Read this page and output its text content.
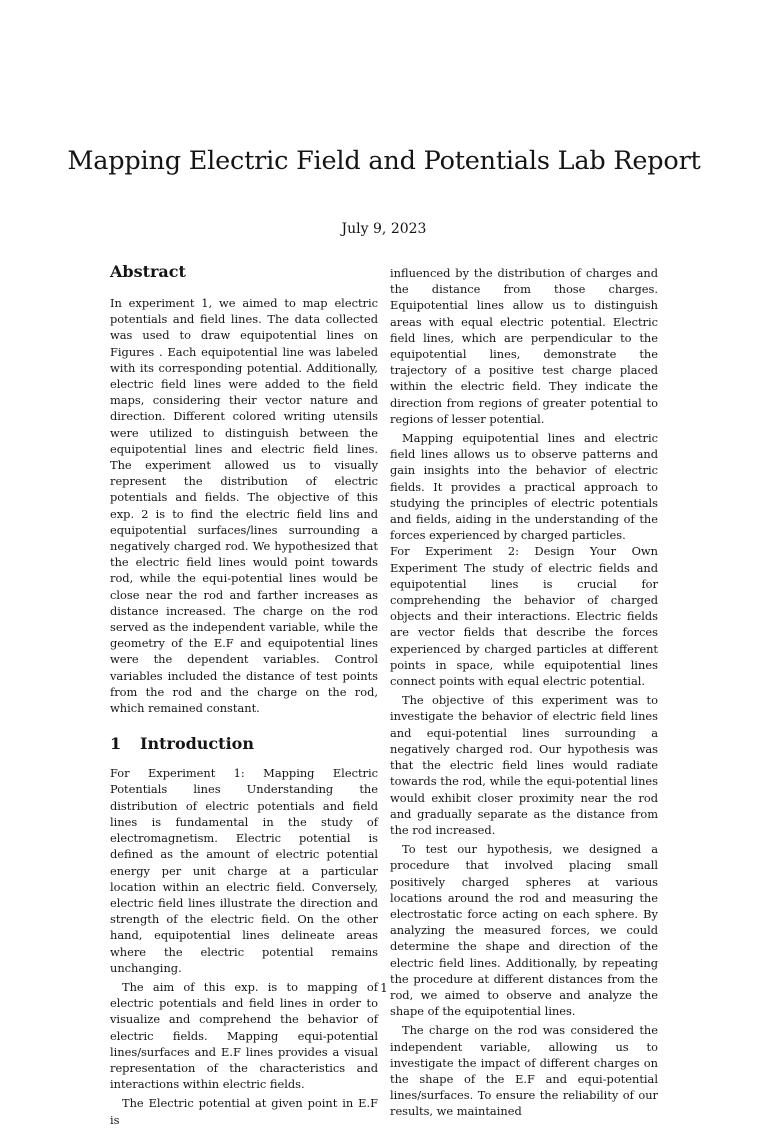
Mapping Electric Field and Potentials Lab Report
July 9, 2023
Abstract

In experiment 1, we aimed to map electric potentials and field lines. The data collected was used to draw equipotential lines on Figures . Each equipotential line was labeled with its corresponding potential. Additionally, electric field lines were added to the field maps, considering their vector nature and direction. Different colored writing utensils were utilized to distinguish between the equipotential lines and electric field lines. The experiment allowed us to visually represent the distribution of electric potentials and fields. The objective of this exp. 2 is to find the electric field lins and equipotential surfaces/lines surrounding a negatively charged rod. We hypothesized that the electric field lines would point towards rod, while the equi-potential lines would be close near the rod and farther increases as distance increased. The charge on the rod served as the independent variable, while the geometry of the E.F and equipotential lines were the dependent variables. Control variables included the distance of test points from the rod and the charge on the rod, which remained constant.

1 Introduction

For Experiment 1: Mapping Electric Potentials lines Understanding the distribution of electric potentials and field lines is fundamental in the study of electromagnetism. Electric potential is defined as the amount of electric potential energy per unit charge at a particular location within an electric field. Conversely, electric field lines illustrate the direction and strength of the electric field. On the other hand, equipotential lines delineate areas where the electric potential remains unchanging.

The aim of this exp. is to mapping of electric potentials and field lines in order to visualize and comprehend the behavior of electric fields. Mapping equi-potential lines/surfaces and E.F lines provides a visual representation of the characteristics and interactions within electric fields.

The Electric potential at given point in E.F is

influenced by the distribution of charges and the distance from those charges. Equipotential lines allow us to distinguish areas with equal electric potential. Electric field lines, which are perpendicular to the equipotential lines, demonstrate the trajectory of a positive test charge placed within the electric field. They indicate the direction from regions of greater potential to regions of lesser potential.

Mapping equipotential lines and electric field lines allows us to observe patterns and gain insights into the behavior of electric fields. It provides a practical approach to studying the principles of electric potentials and fields, aiding in the understanding of the forces experienced by charged particles.

For Experiment 2: Design Your Own Experiment The study of electric fields and equipotential lines is crucial for comprehending the behavior of charged objects and their interactions. Electric fields are vector fields that describe the forces experienced by charged particles at different points in space, while equipotential lines connect points with equal electric potential.

The objective of this experiment was to investigate the behavior of electric field lines and equi-potential lines surrounding a negatively charged rod. Our hypothesis was that the electric field lines would radiate towards the rod, while the equi-potential lines would exhibit closer proximity near the rod and gradually separate as the distance from the rod increased.

To test our hypothesis, we designed a procedure that involved placing small positively charged spheres at various locations around the rod and measuring the electrostatic force acting on each sphere. By analyzing the measured forces, we could determine the shape and direction of the electric field lines. Additionally, by repeating the procedure at different distances from the rod, we aimed to observe and analyze the shape of the equipotential lines.

The charge on the rod was considered the independent variable, allowing us to investigate the impact of different charges on the shape of the E.F and equi-potential lines/surfaces. To ensure the reliability of our results, we maintained

1
